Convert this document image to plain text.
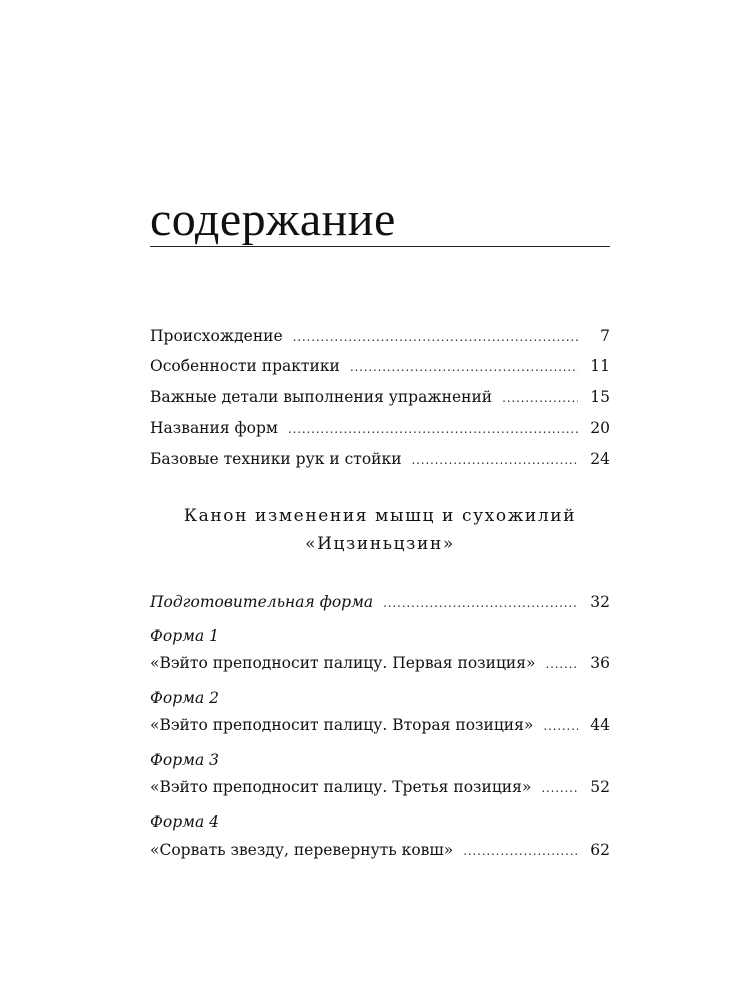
содержание
Происхождение . . .	7
Особенности практики . . .	11
Важные детали выполнения упражнений . . .	15
Названия форм . . .	20
Базовые техники рук и стойки . . .	24
Канон изменения мышц и сухожилий
«Ицзиньцзин»
Подготовительная форма . . .	32
Форма 1
«Вэйто преподносит палицу. Первая позиция» . . .	36
Форма 2
«Вэйто преподносит палицу. Вторая позиция» . . .	44
Форма 3
«Вэйто преподносит палицу. Третья позиция» . . .	52
Форма 4
«Сорвать звезду, перевернуть ковш» . . .	62
